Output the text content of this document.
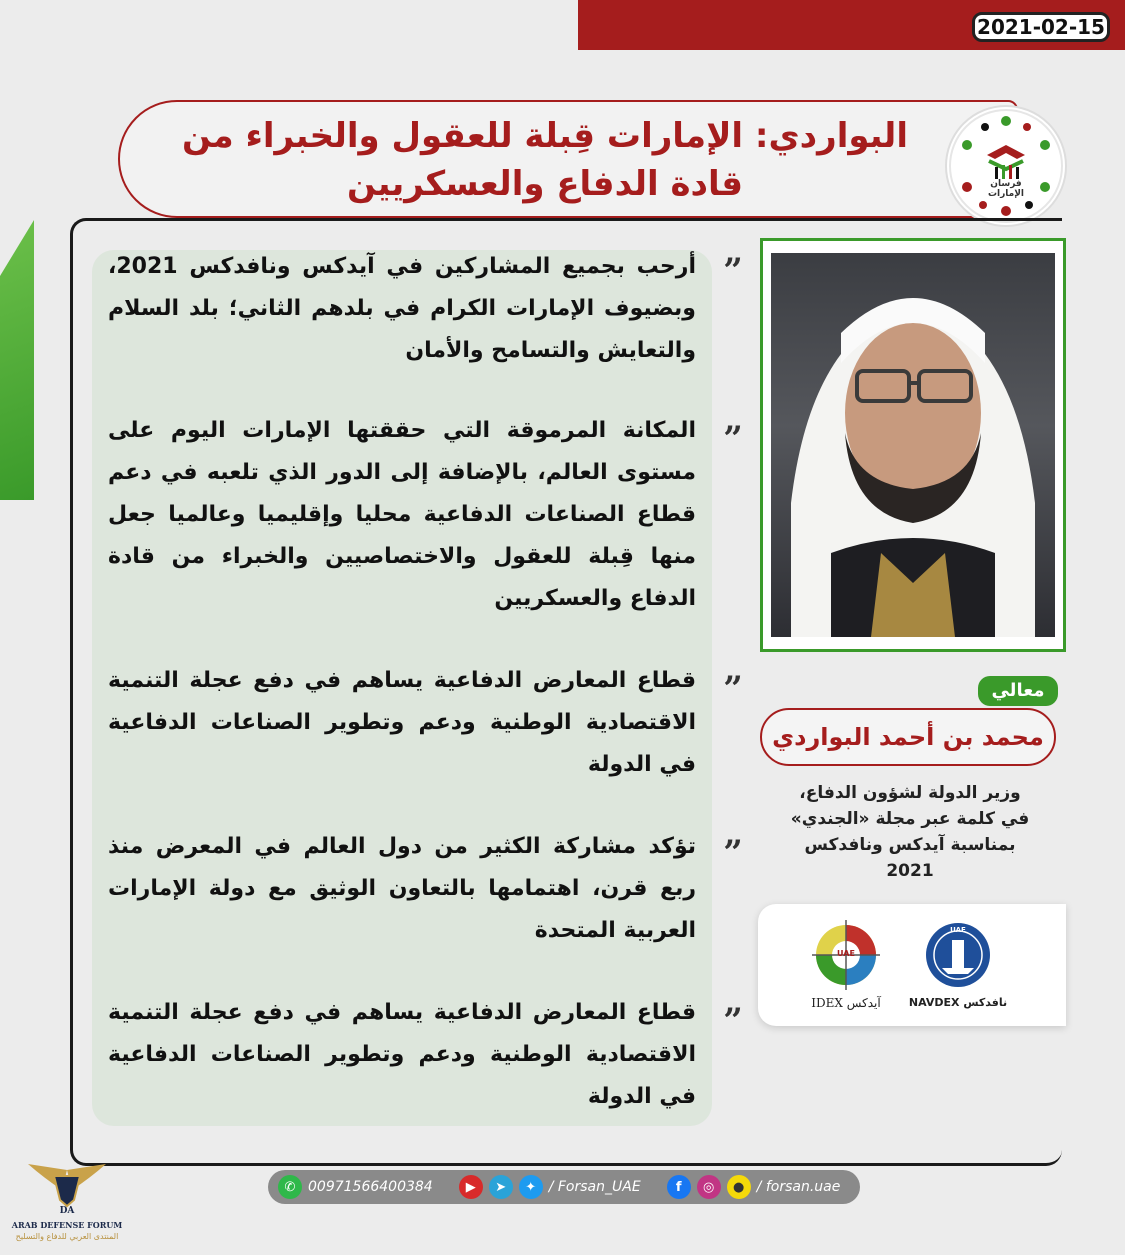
2021-02-15
البواردي: الإمارات قِبلة للعقول والخبراء من قادة الدفاع والعسكريين	فرسان الإمارات
”
أرحب بجميع المشاركين في آيدكس ونافدكس 2021، وبضيوف الإمارات الكرام في بلدهم الثاني؛ بلد السلام والتعايش والتسامح والأمان
”
المكانة المرموقة التي حققتها الإمارات اليوم على مستوى العالم، بالإضافة إلى الدور الذي تلعبه في دعم قطاع الصناعات الدفاعية محليا وإقليميا وعالميا جعل منها قِبلة للعقول والاختصاصيين والخبراء من قادة الدفاع والعسكريين
”
قطاع المعارض الدفاعية يساهم في دفع عجلة التنمية الاقتصادية الوطنية ودعم وتطوير الصناعات الدفاعية في الدولة
”
تؤكد مشاركة الكثير من دول العالم في المعرض منذ ربع قرن، اهتمامها بالتعاون الوثيق مع دولة الإمارات العربية المتحدة
”
قطاع المعارض الدفاعية يساهم في دفع عجلة التنمية الاقتصادية الوطنية ودعم وتطوير الصناعات الدفاعية في الدولة
معالي
محمد بن أحمد البواردي
وزير الدولة لشؤون الدفاع،
في كلمة عبر مجلة «الجندي»
بمناسبة آيدكس ونافدكس
2021
UAE
IDEX آيدكس
UAE
NAVDEX نافدكس
✆ 00971566400384	▶	➤	✦ / Forsan_UAE	f	◎	● / forsan.uae
DA
ARAB DEFENSE FORUM
المنتدى العربي للدفاع والتسليح
